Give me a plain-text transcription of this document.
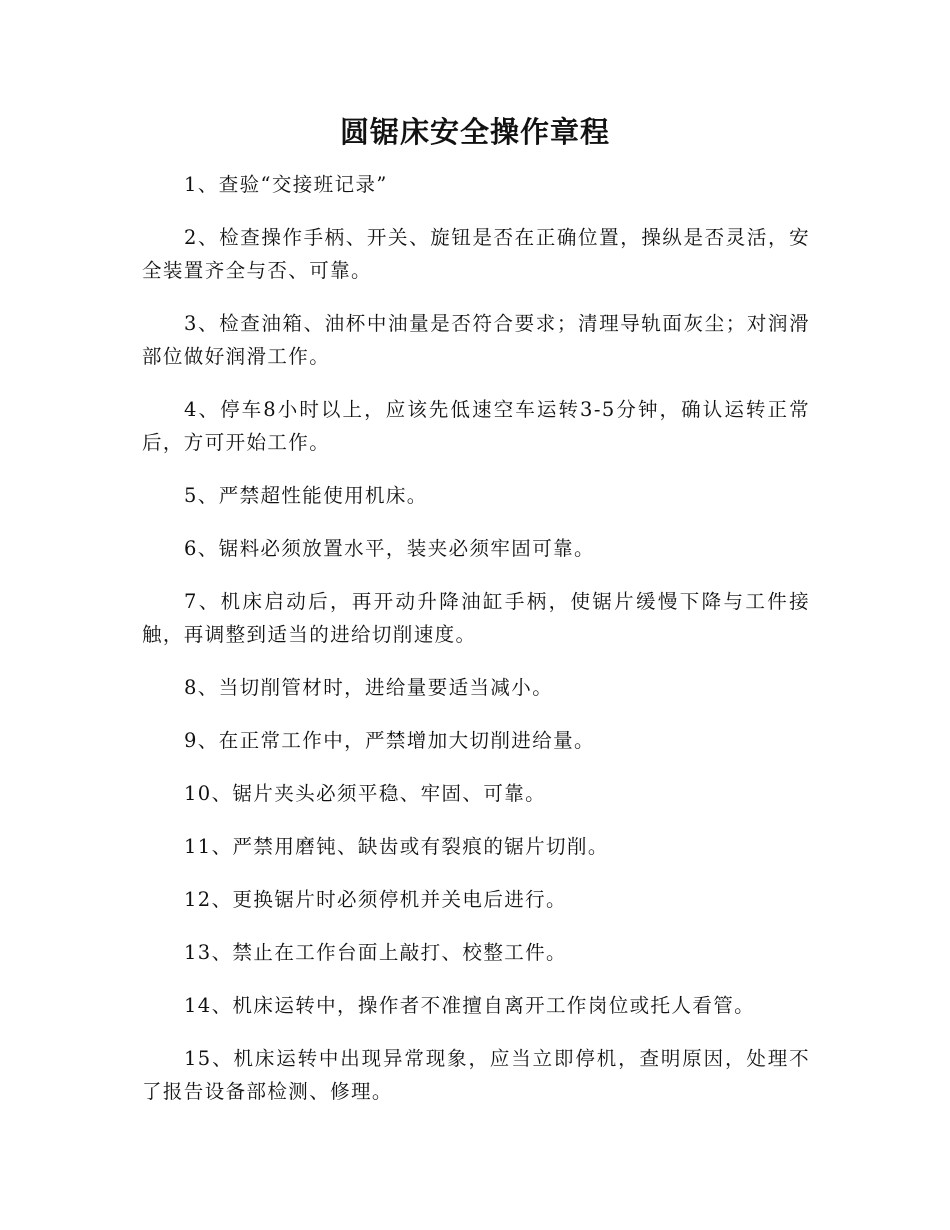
圆锯床安全操作章程

1、查验“交接班记录”

2、检查操作手柄、开关、旋钮是否在正确位置，操纵是否灵活，安全装置齐全与否、可靠。

3、检查油箱、油杯中油量是否符合要求；清理导轨面灰尘；对润滑部位做好润滑工作。

4、停车8小时以上，应该先低速空车运转3-5分钟，确认运转正常后，方可开始工作。

5、严禁超性能使用机床。

6、锯料必须放置水平，装夹必须牢固可靠。

7、机床启动后，再开动升降油缸手柄，使锯片缓慢下降与工件接触，再调整到适当的进给切削速度。

8、当切削管材时，进给量要适当减小。

9、在正常工作中，严禁增加大切削进给量。

10、锯片夹头必须平稳、牢固、可靠。

11、严禁用磨钝、缺齿或有裂痕的锯片切削。

12、更换锯片时必须停机并关电后进行。

13、禁止在工作台面上敲打、校整工件。

14、机床运转中，操作者不准擅自离开工作岗位或托人看管。

15、机床运转中出现异常现象，应当立即停机，查明原因，处理不了报告设备部检测、修理。
